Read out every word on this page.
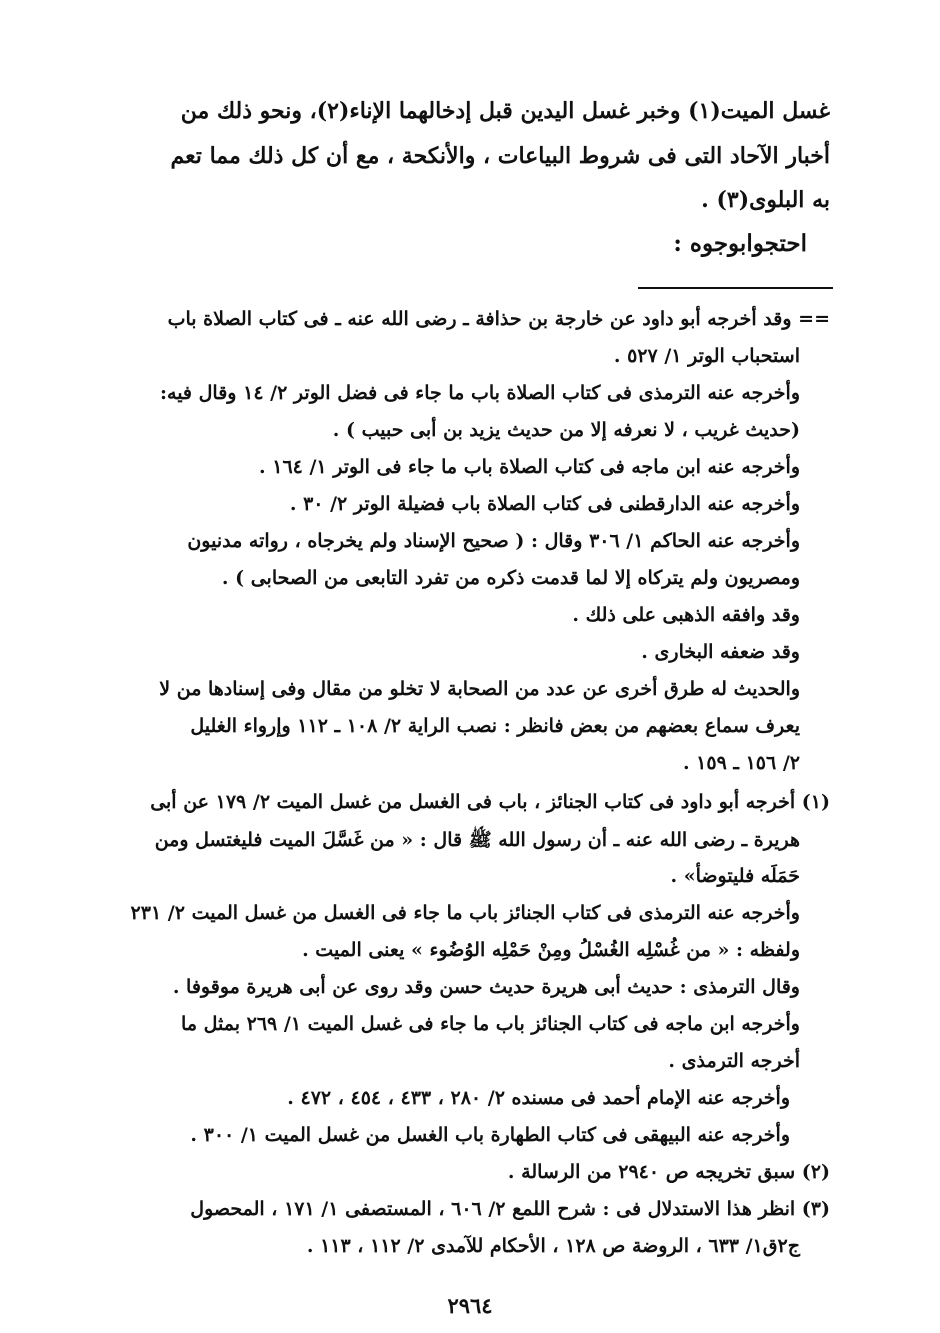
غسل الميت(١) وخبر غسل اليدين قبل إدخالهما الإناء(٢)، ونحو ذلك من
أخبار الآحاد التى فى شروط البياعات ، والأنكحة ، مع أن كل ذلك مما تعم
به البلوى(٣) .
احتجوابوجوه :
== وقد أخرجه أبو داود عن خارجة بن حذافة ـ رضى الله عنه ـ فى كتاب الصلاة باب
استحباب الوتر ١/ ٥٢٧ .
وأخرجه عنه الترمذى فى كتاب الصلاة باب ما جاء فى فضل الوتر ٢/ ١٤ وقال فيه:
(حديث غريب ، لا نعرفه إلا من حديث يزيد بن أبى حبيب ) .
وأخرجه عنه ابن ماجه فى كتاب الصلاة باب ما جاء فى الوتر ١/ ١٦٤ .
وأخرجه عنه الدارقطنى فى كتاب الصلاة باب فضيلة الوتر ٢/ ٣٠ .
وأخرجه عنه الحاكم ١/ ٣٠٦ وقال : ( صحيح الإسناد ولم يخرجاه ، رواته مدنيون
ومصريون ولم يتركاه إلا لما قدمت ذكره من تفرد التابعى من الصحابى ) .
وقد وافقه الذهبى على ذلك .
وقد ضعفه البخارى .
والحديث له طرق أخرى عن عدد من الصحابة لا تخلو من مقال وفى إسنادها من لا
يعرف سماع بعضهم من بعض فانظر : نصب الراية ٢/ ١٠٨ ـ ١١٢ وإرواء الغليل
٢/ ١٥٦ ـ ١٥٩ .
(١) أخرجه أبو داود فى كتاب الجنائز ، باب فى الغسل من غسل الميت ٢/ ١٧٩ عن أبى
هريرة ـ رضى الله عنه ـ أن رسول الله ﷺ قال : « من غَسَّلَ الميت فليغتسل ومن
حَمَلَه فليتوضأ» .
وأخرجه عنه الترمذى فى كتاب الجنائز باب ما جاء فى الغسل من غسل الميت ٢/ ٢٣١
ولفظه : « من غُسْلِه الغُسْلُ ومِنْ حَمْلِه الوُضُوء » يعنى الميت .
وقال الترمذى : حديث أبى هريرة حديث حسن وقد روى عن أبى هريرة موقوفا .
وأخرجه ابن ماجه فى كتاب الجنائز باب ما جاء فى غسل الميت ١/ ٢٦٩ بمثل ما
أخرجه الترمذى .
وأخرجه عنه الإمام أحمد فى مسنده ٢/ ٢٨٠ ، ٤٣٣ ، ٤٥٤ ، ٤٧٢ .
وأخرجه عنه البيهقى فى كتاب الطهارة باب الغسل من غسل الميت ١/ ٣٠٠ .
(٢) سبق تخريجه ص ٢٩٤٠ من الرسالة .
(٣) انظر هذا الاستدلال فى : شرح اللمع ٢/ ٦٠٦ ، المستصفى ١/ ١٧١ ، المحصول
ج٢ق١/ ٦٣٣ ، الروضة ص ١٢٨ ، الأحكام للآمدى ٢/ ١١٢ ، ١١٣ .
٢٩٦٤
